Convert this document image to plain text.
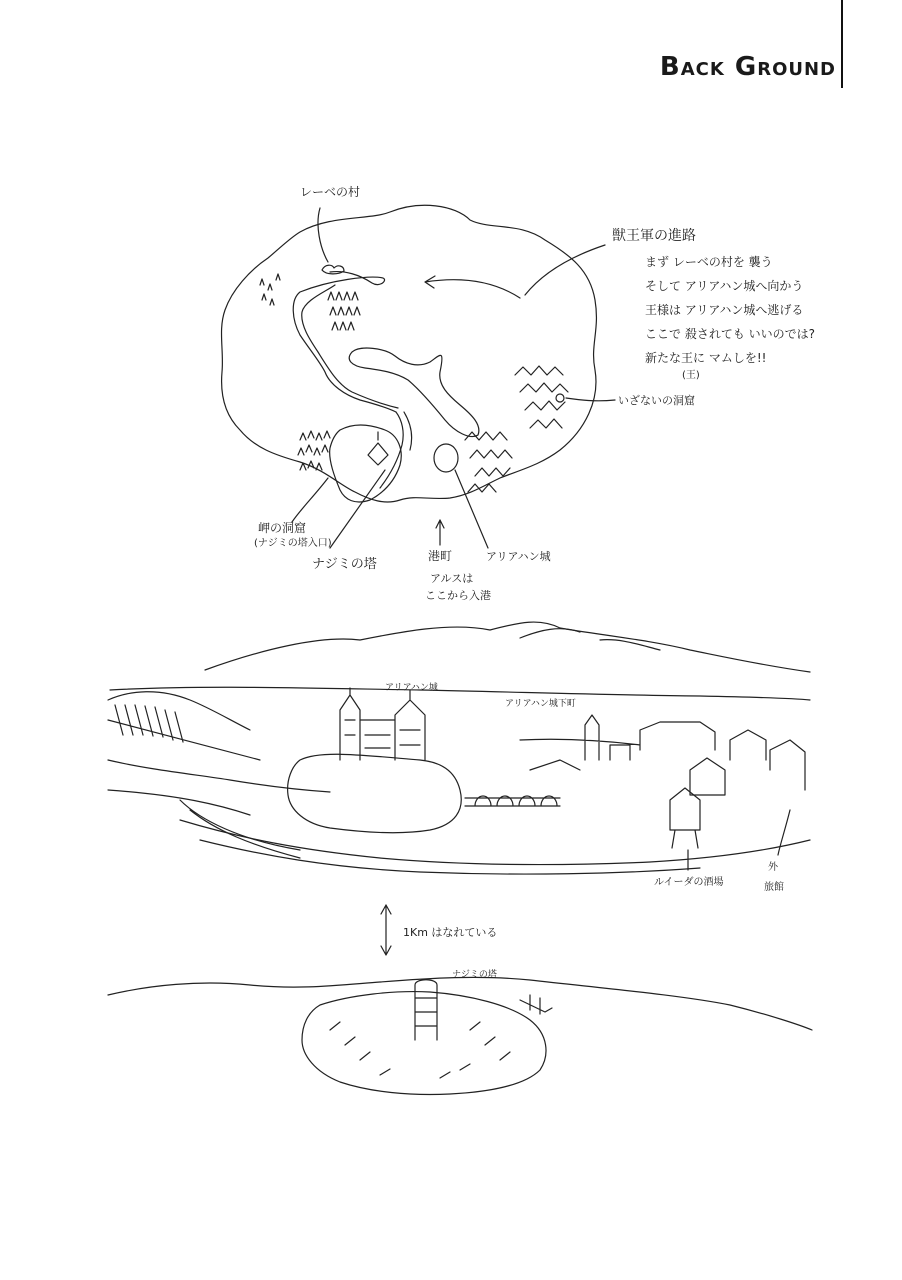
Back Ground
レーベの村
獣王軍の進路
まず レーベの村を 襲う
そして アリアハン城へ向かう
王様は アリアハン城へ逃げる
ここで 殺されても いいのでは?
新たな王に マムしを!!
(王)
いざないの洞窟
岬の洞窟
(ナジミの塔入口)
ナジミの塔
港町
アルスは
ここから入港
アリアハン城
アリアハン城
アリアハン城下町
ルイーダの酒場
外
旅館
1Km はなれている
ナジミの塔
